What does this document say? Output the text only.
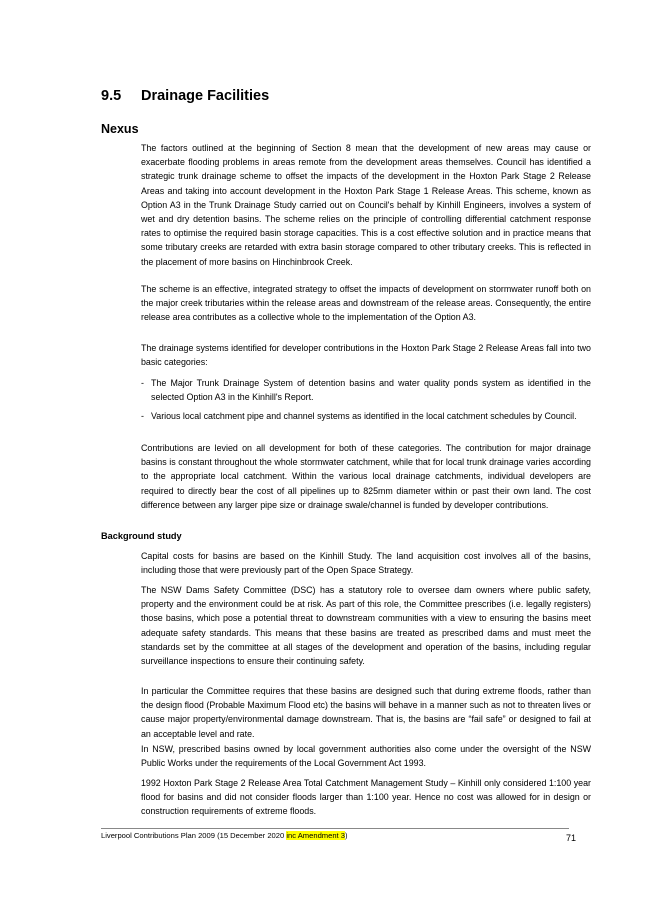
9.5 Drainage Facilities
Nexus
The factors outlined at the beginning of Section 8 mean that the development of new areas may cause or exacerbate flooding problems in areas remote from the development areas themselves. Council has identified a strategic trunk drainage scheme to offset the impacts of the development in the Hoxton Park Stage 2 Release Areas and taking into account development in the Hoxton Park Stage 1 Release Areas. This scheme, known as Option A3 in the Trunk Drainage Study carried out on Council's behalf by Kinhill Engineers, involves a system of wet and dry detention basins. The scheme relies on the principle of controlling differential catchment response rates to optimise the required basin storage capacities. This is a cost effective solution and in practice means that some tributary creeks are retarded with extra basin storage compared to other tributary creeks. This is reflected in the placement of more basins on Hinchinbrook Creek.
The scheme is an effective, integrated strategy to offset the impacts of development on stormwater runoff both on the major creek tributaries within the release areas and downstream of the release areas. Consequently, the entire release area contributes as a collective whole to the implementation of the Option A3.
The drainage systems identified for developer contributions in the Hoxton Park Stage 2 Release Areas fall into two basic categories:
- The Major Trunk Drainage System of detention basins and water quality ponds system as identified in the selected Option A3 in the Kinhill's Report.
- Various local catchment pipe and channel systems as identified in the local catchment schedules by Council.
Contributions are levied on all development for both of these categories. The contribution for major drainage basins is constant throughout the whole stormwater catchment, while that for local trunk drainage varies according to the appropriate local catchment. Within the various local drainage catchments, individual developers are required to directly bear the cost of all pipelines up to 825mm diameter within or past their own land. The cost difference between any larger pipe size or drainage swale/channel is funded by developer contributions.
Background study
Capital costs for basins are based on the Kinhill Study. The land acquisition cost involves all of the basins, including those that were previously part of the Open Space Strategy.
The NSW Dams Safety Committee (DSC) has a statutory role to oversee dam owners where public safety, property and the environment could be at risk. As part of this role, the Committee prescribes (i.e. legally registers) those basins, which pose a potential threat to downstream communities with a view to ensuring the basins meet adequate safety standards. This means that these basins are treated as prescribed dams and must meet the standards set by the committee at all stages of the development and operation of the basins, including regular surveillance inspections to ensure their continuing safety.
In particular the Committee requires that these basins are designed such that during extreme floods, rather than the design flood (Probable Maximum Flood etc) the basins will behave in a manner such as not to threaten lives or cause major property/environmental damage downstream. That is, the basins are “fail safe” or designed to fail at an acceptable level and rate.
In NSW, prescribed basins owned by local government authorities also come under the oversight of the NSW Public Works under the requirements of the Local Government Act 1993.
1992 Hoxton Park Stage 2 Release Area Total Catchment Management Study – Kinhill only considered 1:100 year flood for basins and did not consider floods larger than 1:100 year. Hence no cost was allowed for in design or construction requirements of extreme floods.
Liverpool Contributions Plan 2009 (15 December 2020 inc Amendment 3)	71
